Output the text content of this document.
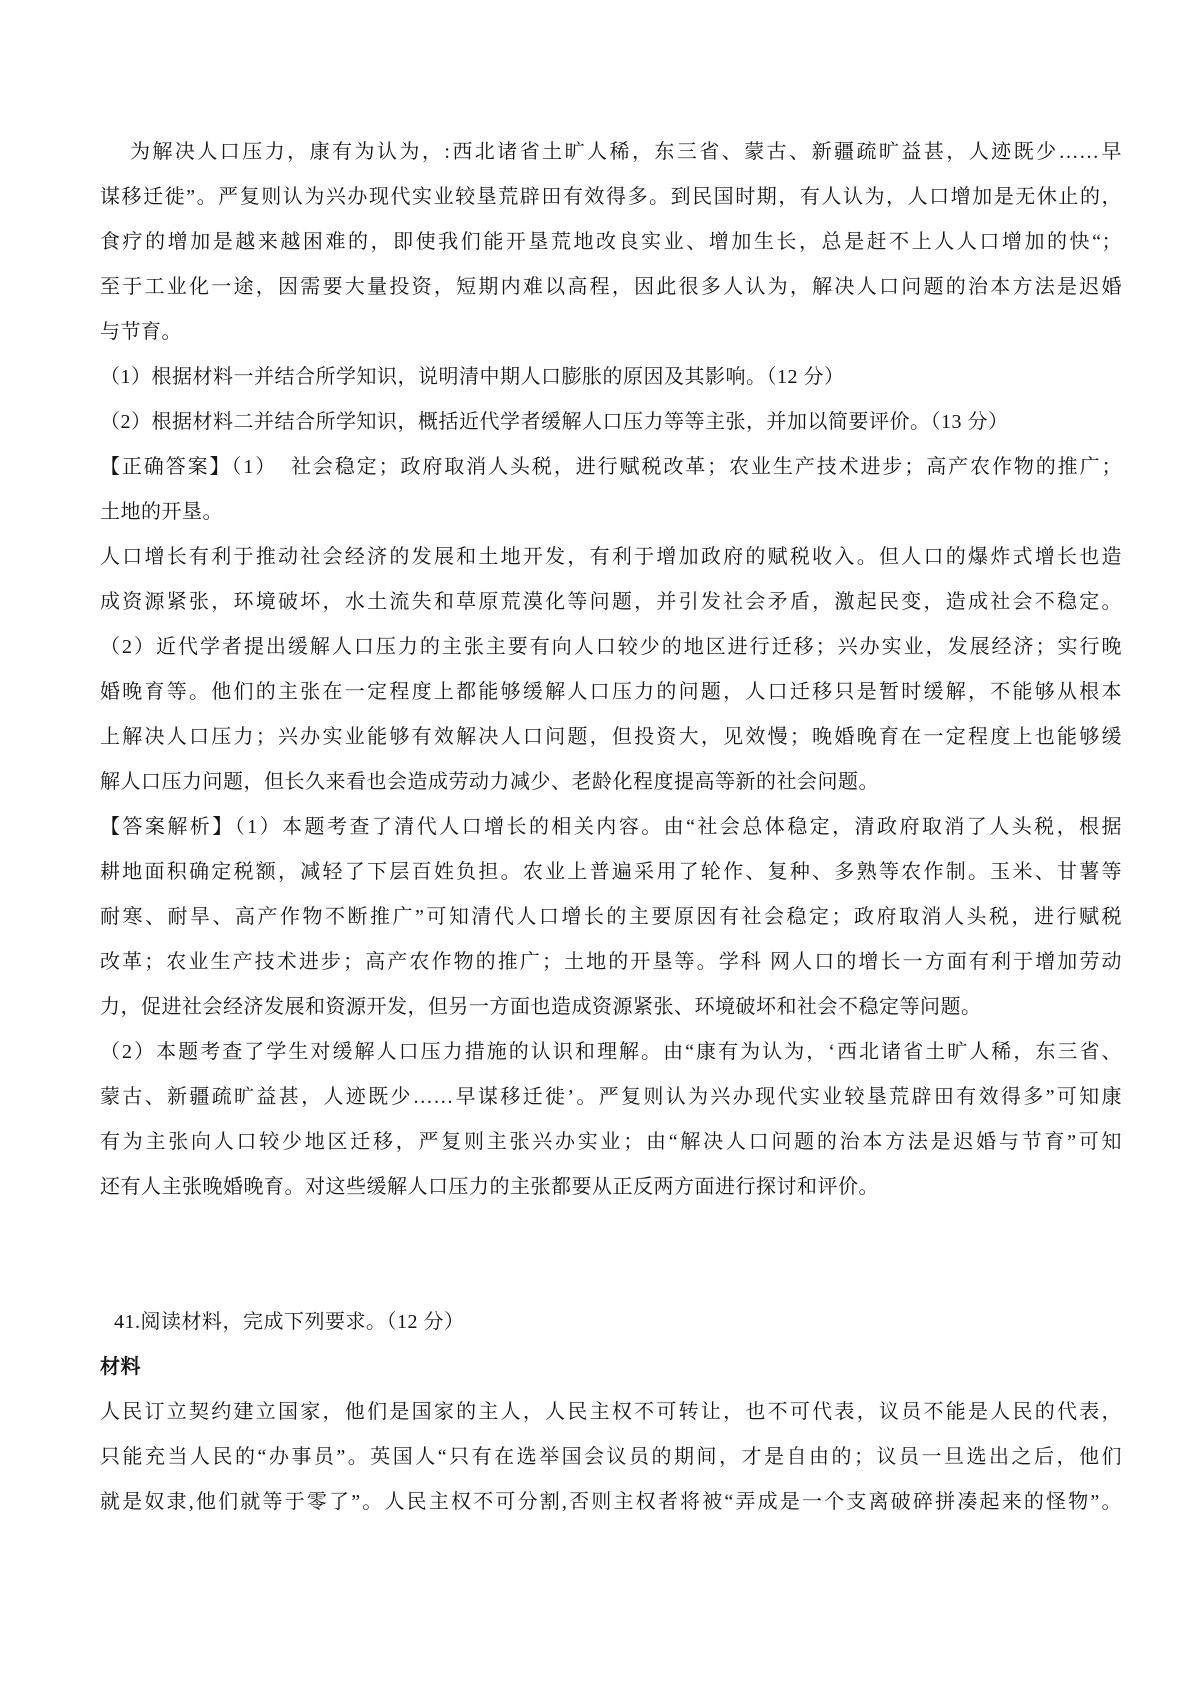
为解决人口压力，康有为认为，:西北诸省土旷人稀，东三省、蒙古、新疆疏旷益甚，人迹既少……早
谋移迁徙”。严复则认为兴办现代实业较垦荒辟田有效得多。到民国时期，有人认为，人口增加是无休止的，
食疗的增加是越来越困难的，即使我们能开垦荒地改良实业、增加生长，总是赶不上人人口增加的快“；
至于工业化一途，因需要大量投资，短期内难以高程，因此很多人认为，解决人口问题的治本方法是迟婚
与节育。
（1）根据材料一并结合所学知识，说明清中期人口膨胀的原因及其影响。（12 分）
（2）根据材料二并结合所学知识，概括近代学者缓解人口压力等等主张，并加以简要评价。（13 分）
【正确答案】（1）  社会稳定；政府取消人头税，进行赋税改革；农业生产技术进步；高产农作物的推广；
土地的开垦。
人口增长有利于推动社会经济的发展和土地开发，有利于增加政府的赋税收入。但人口的爆炸式增长也造
成资源紧张，环境破坏，水土流失和草原荒漠化等问题，并引发社会矛盾，激起民变，造成社会不稳定。
（2）近代学者提出缓解人口压力的主张主要有向人口较少的地区进行迁移；兴办实业，发展经济；实行晚
婚晚育等。他们的主张在一定程度上都能够缓解人口压力的问题，人口迁移只是暂时缓解，不能够从根本
上解决人口压力；兴办实业能够有效解决人口问题，但投资大，见效慢；晚婚晚育在一定程度上也能够缓
解人口压力问题，但长久来看也会造成劳动力减少、老龄化程度提高等新的社会问题。
【答案解析】（1）本题考查了清代人口增长的相关内容。由“社会总体稳定，清政府取消了人头税，根据
耕地面积确定税额，减轻了下层百姓负担。农业上普遍采用了轮作、复种、多熟等农作制。玉米、甘薯等
耐寒、耐旱、高产作物不断推广”可知清代人口增长的主要原因有社会稳定；政府取消人头税，进行赋税
改革；农业生产技术进步；高产农作物的推广；土地的开垦等。学科 网人口的增长一方面有利于增加劳动
力，促进社会经济发展和资源开发，但另一方面也造成资源紧张、环境破坏和社会不稳定等问题。
（2）本题考查了学生对缓解人口压力措施的认识和理解。由“康有为认为，‘西北诸省土旷人稀，东三省、
蒙古、新疆疏旷益甚，人迹既少……早谋移迁徙’。严复则认为兴办现代实业较垦荒辟田有效得多”可知康
有为主张向人口较少地区迁移，严复则主张兴办实业；由“解决人口问题的治本方法是迟婚与节育”可知
还有人主张晚婚晚育。对这些缓解人口压力的主张都要从正反两方面进行探讨和评价。
41.阅读材料，完成下列要求。（12 分）
材料
人民订立契约建立国家，他们是国家的主人，人民主权不可转让，也不可代表，议员不能是人民的代表，
只能充当人民的“办事员”。英国人“只有在选举国会议员的期间，才是自由的；议员一旦选出之后，他们
就是奴隶,他们就等于零了”。人民主权不可分割,否则主权者将被“弄成是一个支离破碎拼凑起来的怪物”。
